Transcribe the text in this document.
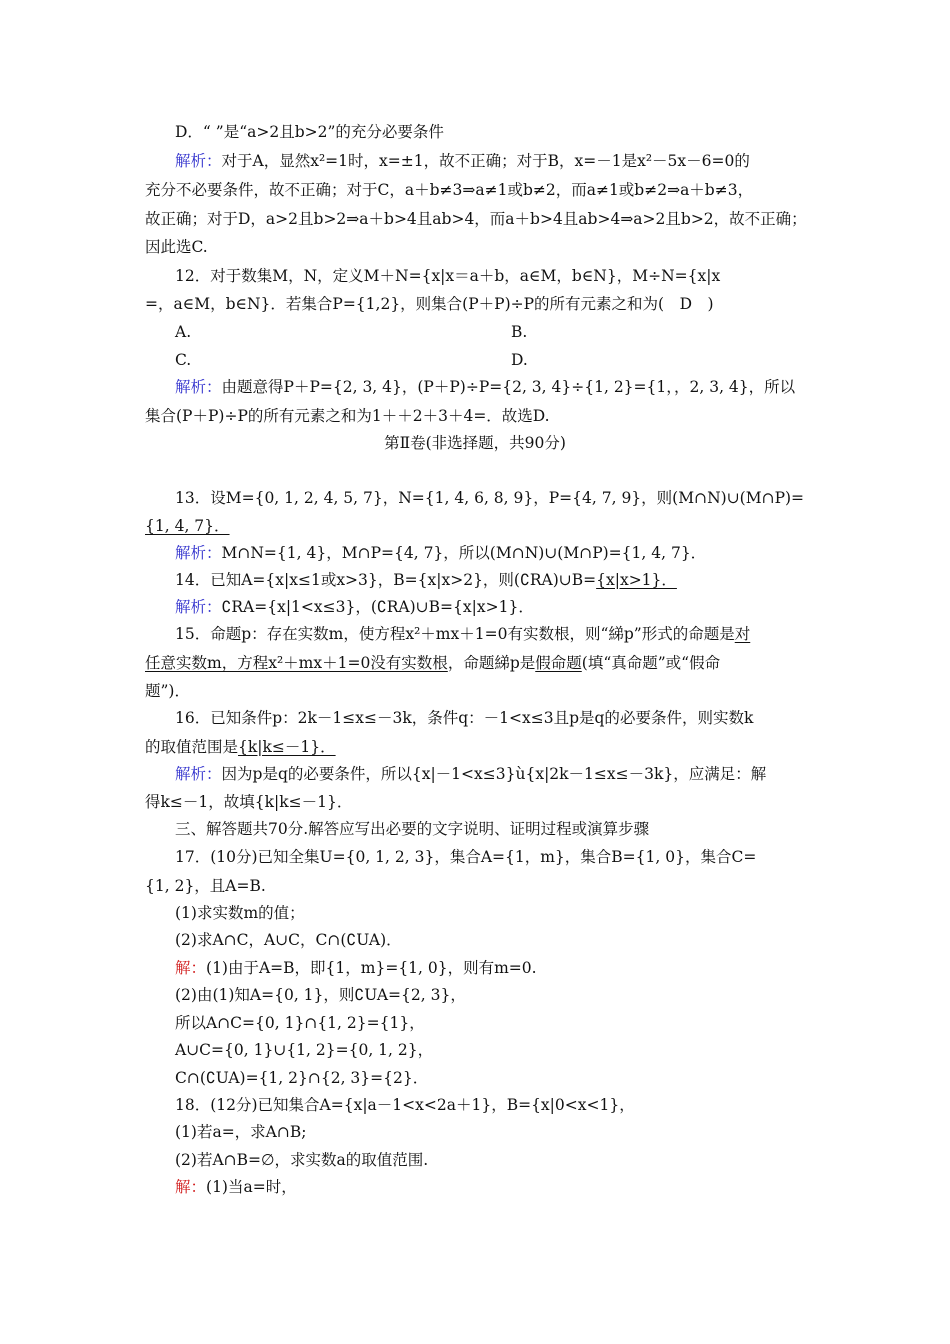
D．“ ”是“a>2且b>2”的充分必要条件
解析：对于A，显然x²=1时，x=±1，故不正确；对于B，x=－1是x²－5x－6=0的
充分不必要条件，故不正确；对于C，a＋b≠3⇒a≠1或b≠2，而a≠1或b≠2⇒a＋b≠3，
故正确；对于D，a>2且b>2⇒a＋b>4且ab>4，而a＋b>4且ab>4⇒a>2且b>2，故不正确；
因此选C.
12．对于数集M，N，定义M＋N={x|x＝a＋b，a∈M，b∈N}，M÷N={x|x
=，a∈M，b∈N}．若集合P={1,2}，则集合(P＋P)÷P的所有元素之和为(　D　)
A.	B.
C.	D.
解析：由题意得P＋P={2, 3, 4}，(P＋P)÷P={2, 3, 4}÷{1, 2}={1，，2, 3, 4}，所以
集合(P＋P)÷P的所有元素之和为1＋＋2＋3＋4=．故选D.
第Ⅱ卷(非选择题，共90分)
13．设M={0, 1, 2, 4, 5, 7}，N={1, 4, 6, 8, 9}，P={4, 7, 9}，则(M∩N)∪(M∩P)=
{1, 4, 7}．
解析：M∩N={1, 4}，M∩P={4, 7}，所以(M∩N)∪(M∩P)={1, 4, 7}．
14．已知A={x|x≤1或x>3}，B={x|x>2}，则(∁RA)∪B={x|x>1}．
解析：∁RA={x|1<x≤3}，(∁RA)∪B={x|x>1}．
15．命题p：存在实数m，使方程x²＋mx＋1=0有实数根，则“綈p”形式的命题是对
任意实数m，方程x²＋mx＋1=0没有实数根，命题綈p是假命题(填“真命题”或“假命
题”)．
16．已知条件p：2k－1≤x≤－3k，条件q：－1<x≤3且p是q的必要条件，则实数k
的取值范围是{k|k≤－1}．
解析：因为p是q的必要条件，所以{x|－1<x≤3}ù{x|2k－1≤x≤－3k}，应满足：解
得k≤－1，故填{k|k≤－1}．
三、解答题共70分.解答应写出必要的文字说明、证明过程或演算步骤
17．(10分)已知全集U={0, 1, 2, 3}，集合A={1，m}，集合B={1, 0}，集合C=
{1, 2}，且A=B.
(1)求实数m的值；
(2)求A∩C，A∪C，C∩(∁UA)．
解：(1)由于A=B，即{1，m}={1, 0}，则有m=0.
(2)由(1)知A={0, 1}，则∁UA={2, 3}，
所以A∩C={0, 1}∩{1, 2}={1}，
A∪C={0, 1}∪{1, 2}={0, 1, 2}，
C∩(∁UA)={1, 2}∩{2, 3}={2}．
18．(12分)已知集合A={x|a－1<x<2a＋1}，B={x|0<x<1}，
(1)若a=，求A∩B;
(2)若A∩B=∅，求实数a的取值范围.
解：(1)当a=时，
